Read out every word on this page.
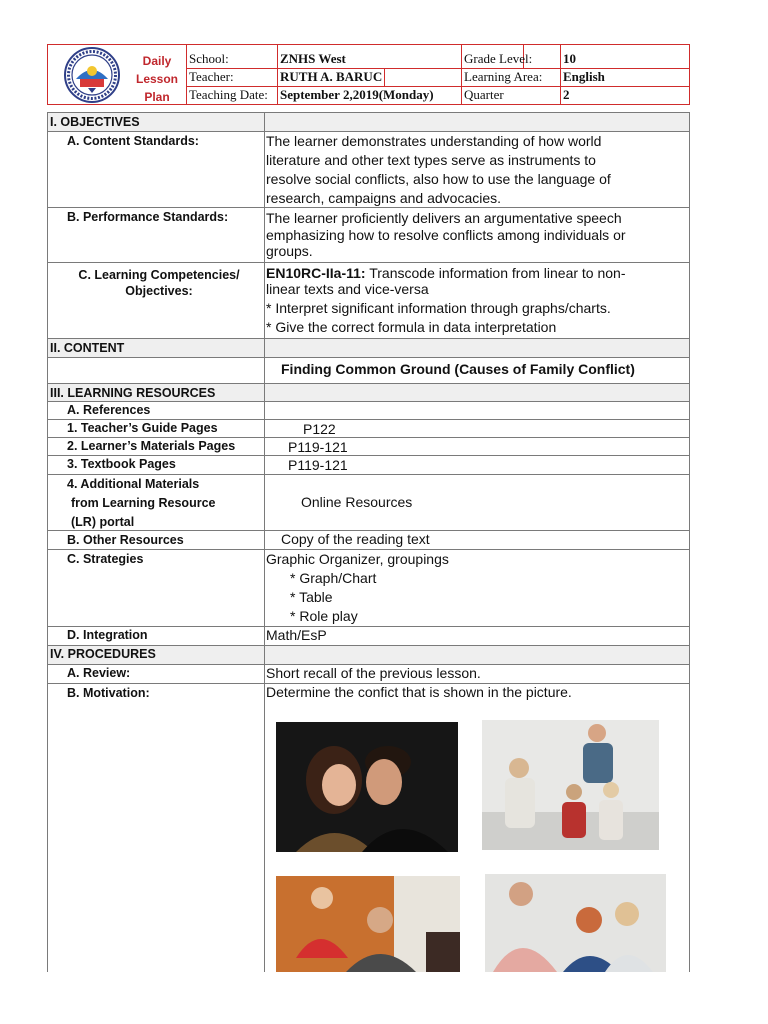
Daily
Lesson
Plan
School:	ZNHS West	Grade Level: 10
Teacher:	RUTH A. BARUC	Learning Area: English
Teaching Date: September 2,2019(Monday) Quarter	2
I. OBJECTIVES
A. Content Standards:	The learner demonstrates understanding of how world
literature and other text types serve as instruments to
resolve social conflicts, also how to use the language of
research, campaigns and advocacies.
B. Performance Standards:	The learner proficiently delivers an argumentative speech
emphasizing how to resolve conflicts among individuals or
groups.
C. Learning Competencies/
Objectives:
EN10RC-IIa-11: Transcode information from linear to non-
linear texts and vice-versa
* Interpret significant information through graphs/charts.
* Give the correct formula in data interpretation
II. CONTENT
Finding Common Ground (Causes of Family Conflict)
III. LEARNING RESOURCES
A. References
1. Teacher’s Guide Pages	P122
2. Learner’s Materials Pages	P119-121
3. Textbook Pages	P119-121
4. Additional Materials
from Learning Resource
(LR) portal
Online Resources
B. Other Resources	Copy of the reading text
C. Strategies	Graphic Organizer, groupings
* Graph/Chart
* Table
* Role play
D. Integration	Math/EsP
IV. PROCEDURES
A. Review:	Short recall of the previous lesson.
B. Motivation:	Determine the confict that is shown in the picture.
